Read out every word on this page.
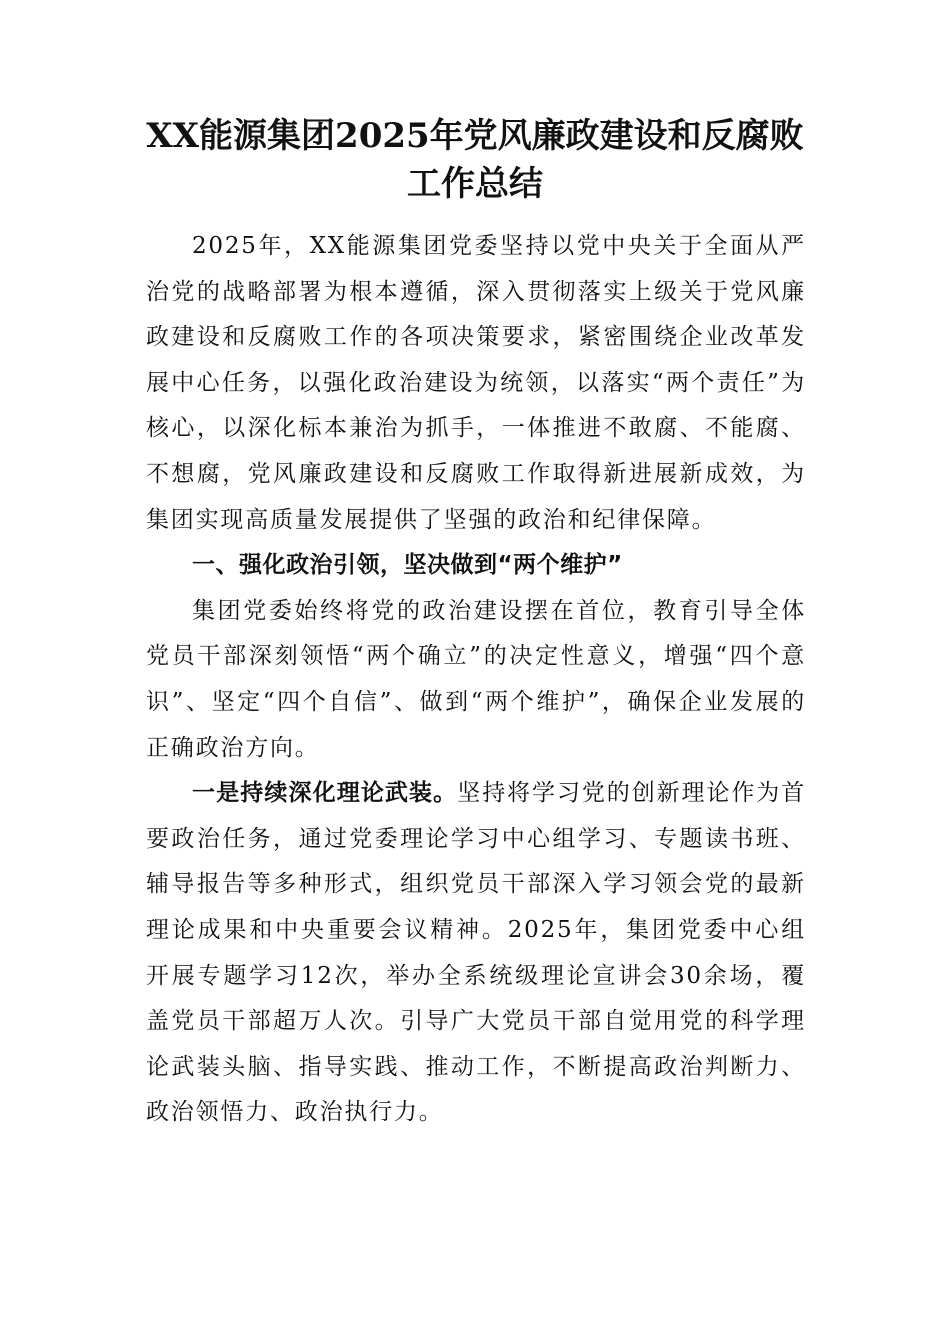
XX能源集团2025年党风廉政建设和反腐败工作总结

2025年，XX能源集团党委坚持以党中央关于全面从严治党的战略部署为根本遵循，深入贯彻落实上级关于党风廉政建设和反腐败工作的各项决策要求，紧密围绕企业改革发展中心任务，以强化政治建设为统领，以落实“两个责任”为核心，以深化标本兼治为抓手，一体推进不敢腐、不能腐、不想腐，党风廉政建设和反腐败工作取得新进展新成效，为集团实现高质量发展提供了坚强的政治和纪律保障。

一、强化政治引领，坚决做到“两个维护”

集团党委始终将党的政治建设摆在首位，教育引导全体党员干部深刻领悟“两个确立”的决定性意义，增强“四个意识”、坚定“四个自信”、做到“两个维护”，确保企业发展的正确政治方向。

一是持续深化理论武装。坚持将学习党的创新理论作为首要政治任务，通过党委理论学习中心组学习、专题读书班、辅导报告等多种形式，组织党员干部深入学习领会党的最新理论成果和中央重要会议精神。2025年，集团党委中心组开展专题学习12次，举办全系统级理论宣讲会30余场，覆盖党员干部超万人次。引导广大党员干部自觉用党的科学理论武装头脑、指导实践、推动工作，不断提高政治判断力、政治领悟力、政治执行力。
